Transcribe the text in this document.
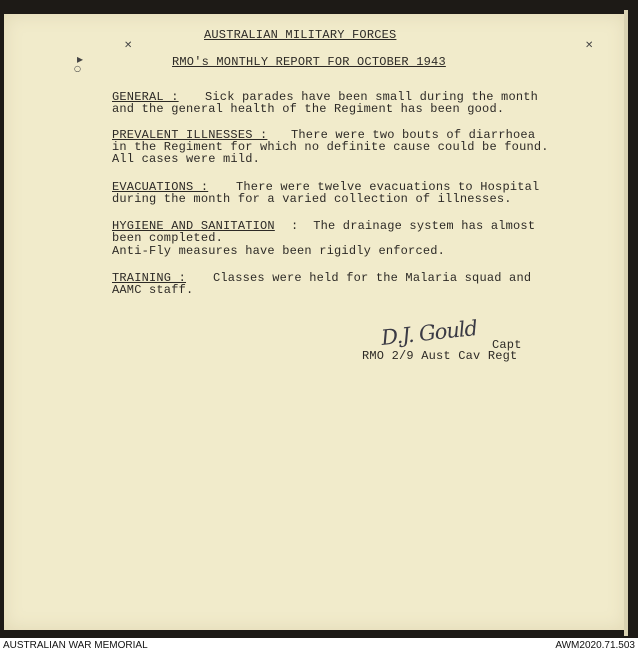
✕	✕
▸
○
AUSTRALIAN MILITARY FORCES
RMO's MONTHLY REPORT FOR OCTOBER 1943
GENERAL : Sick parades have been small during the month
and the general health of the Regiment has been good.
PREVALENT ILLNESSES : There were two bouts of diarrhoea
in the Regiment for which no definite cause could be found.
All cases were mild.
EVACUATIONS : There were twelve evacuations to Hospital
during the month for a varied collection of illnesses.
HYGIENE AND SANITATION :  The drainage system has almost
been completed.
Anti-Fly measures have been rigidly enforced.
TRAINING : Classes were held for the Malaria squad and
AAMC staff.
D.J. Gould Capt
RMO 2/9 Aust Cav Regt
AUSTRALIAN WAR MEMORIAL	AWM2020.71.503
